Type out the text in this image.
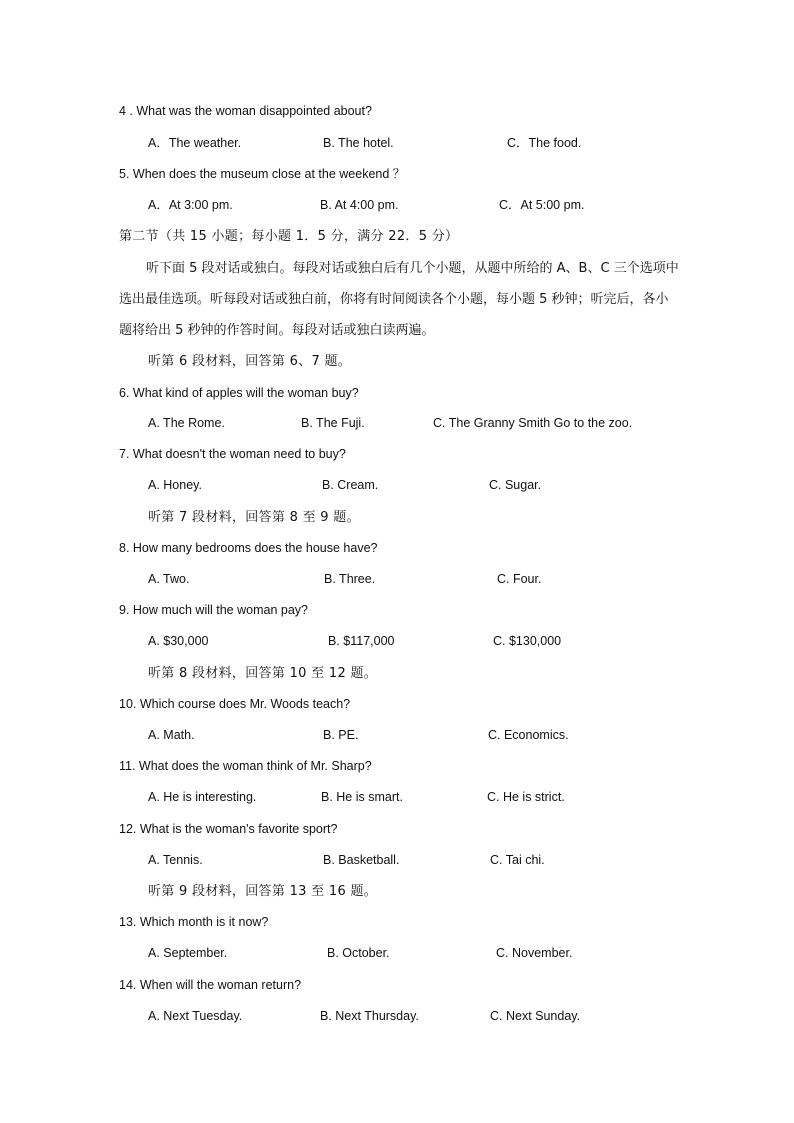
4 . What was the woman disappointed about?
A．The weather.	B. The hotel.	C．The food.
5. When does the museum close at the weekend ？
A．At 3:00 pm.	B. At 4:00 pm.	C．At 5:00 pm.
第二节（共 15 小题；每小题 1．5 分，满分 22．5 分）
听下面 5 段对话或独白。每段对话或独白后有几个小题，从题中所给的 A、B、C 三个选项中选出最佳选项。听每段对话或独白前，你将有时间阅读各个小题，每小题 5 秒钟；听完后，各小题将给出 5 秒钟的作答时间。每段对话或独白读两遍。
听第 6 段材料，回答第 6、7 题。
6. What kind of apples will the woman buy?
A. The Rome.	B. The Fuji.	C. The Granny Smith Go to the zoo.
7. What doesn't the woman need to buy?
A. Honey.	B. Cream.	C. Sugar.
听第 7 段材料，回答第 8 至 9 题。
8. How many bedrooms does the house have?
A. Two.	B. Three.	C. Four.
9. How much will the woman pay?
A. $30,000	B. $117,000	C. $130,000
听第 8 段材料，回答第 10 至 12 题。
10. Which course does Mr. Woods teach?
A. Math.	B. PE.	C. Economics.
11. What does the woman think of Mr. Sharp?
A. He is interesting.	B. He is smart.	C. He is strict.
12. What is the woman's favorite sport?
A. Tennis.	B. Basketball.	C. Tai chi.
听第 9 段材料，回答第 13 至 16 题。
13. Which month is it now?
A. September.	B. October.	C. November.
14. When will the woman return?
A. Next Tuesday.	B. Next Thursday.	C. Next Sunday.
